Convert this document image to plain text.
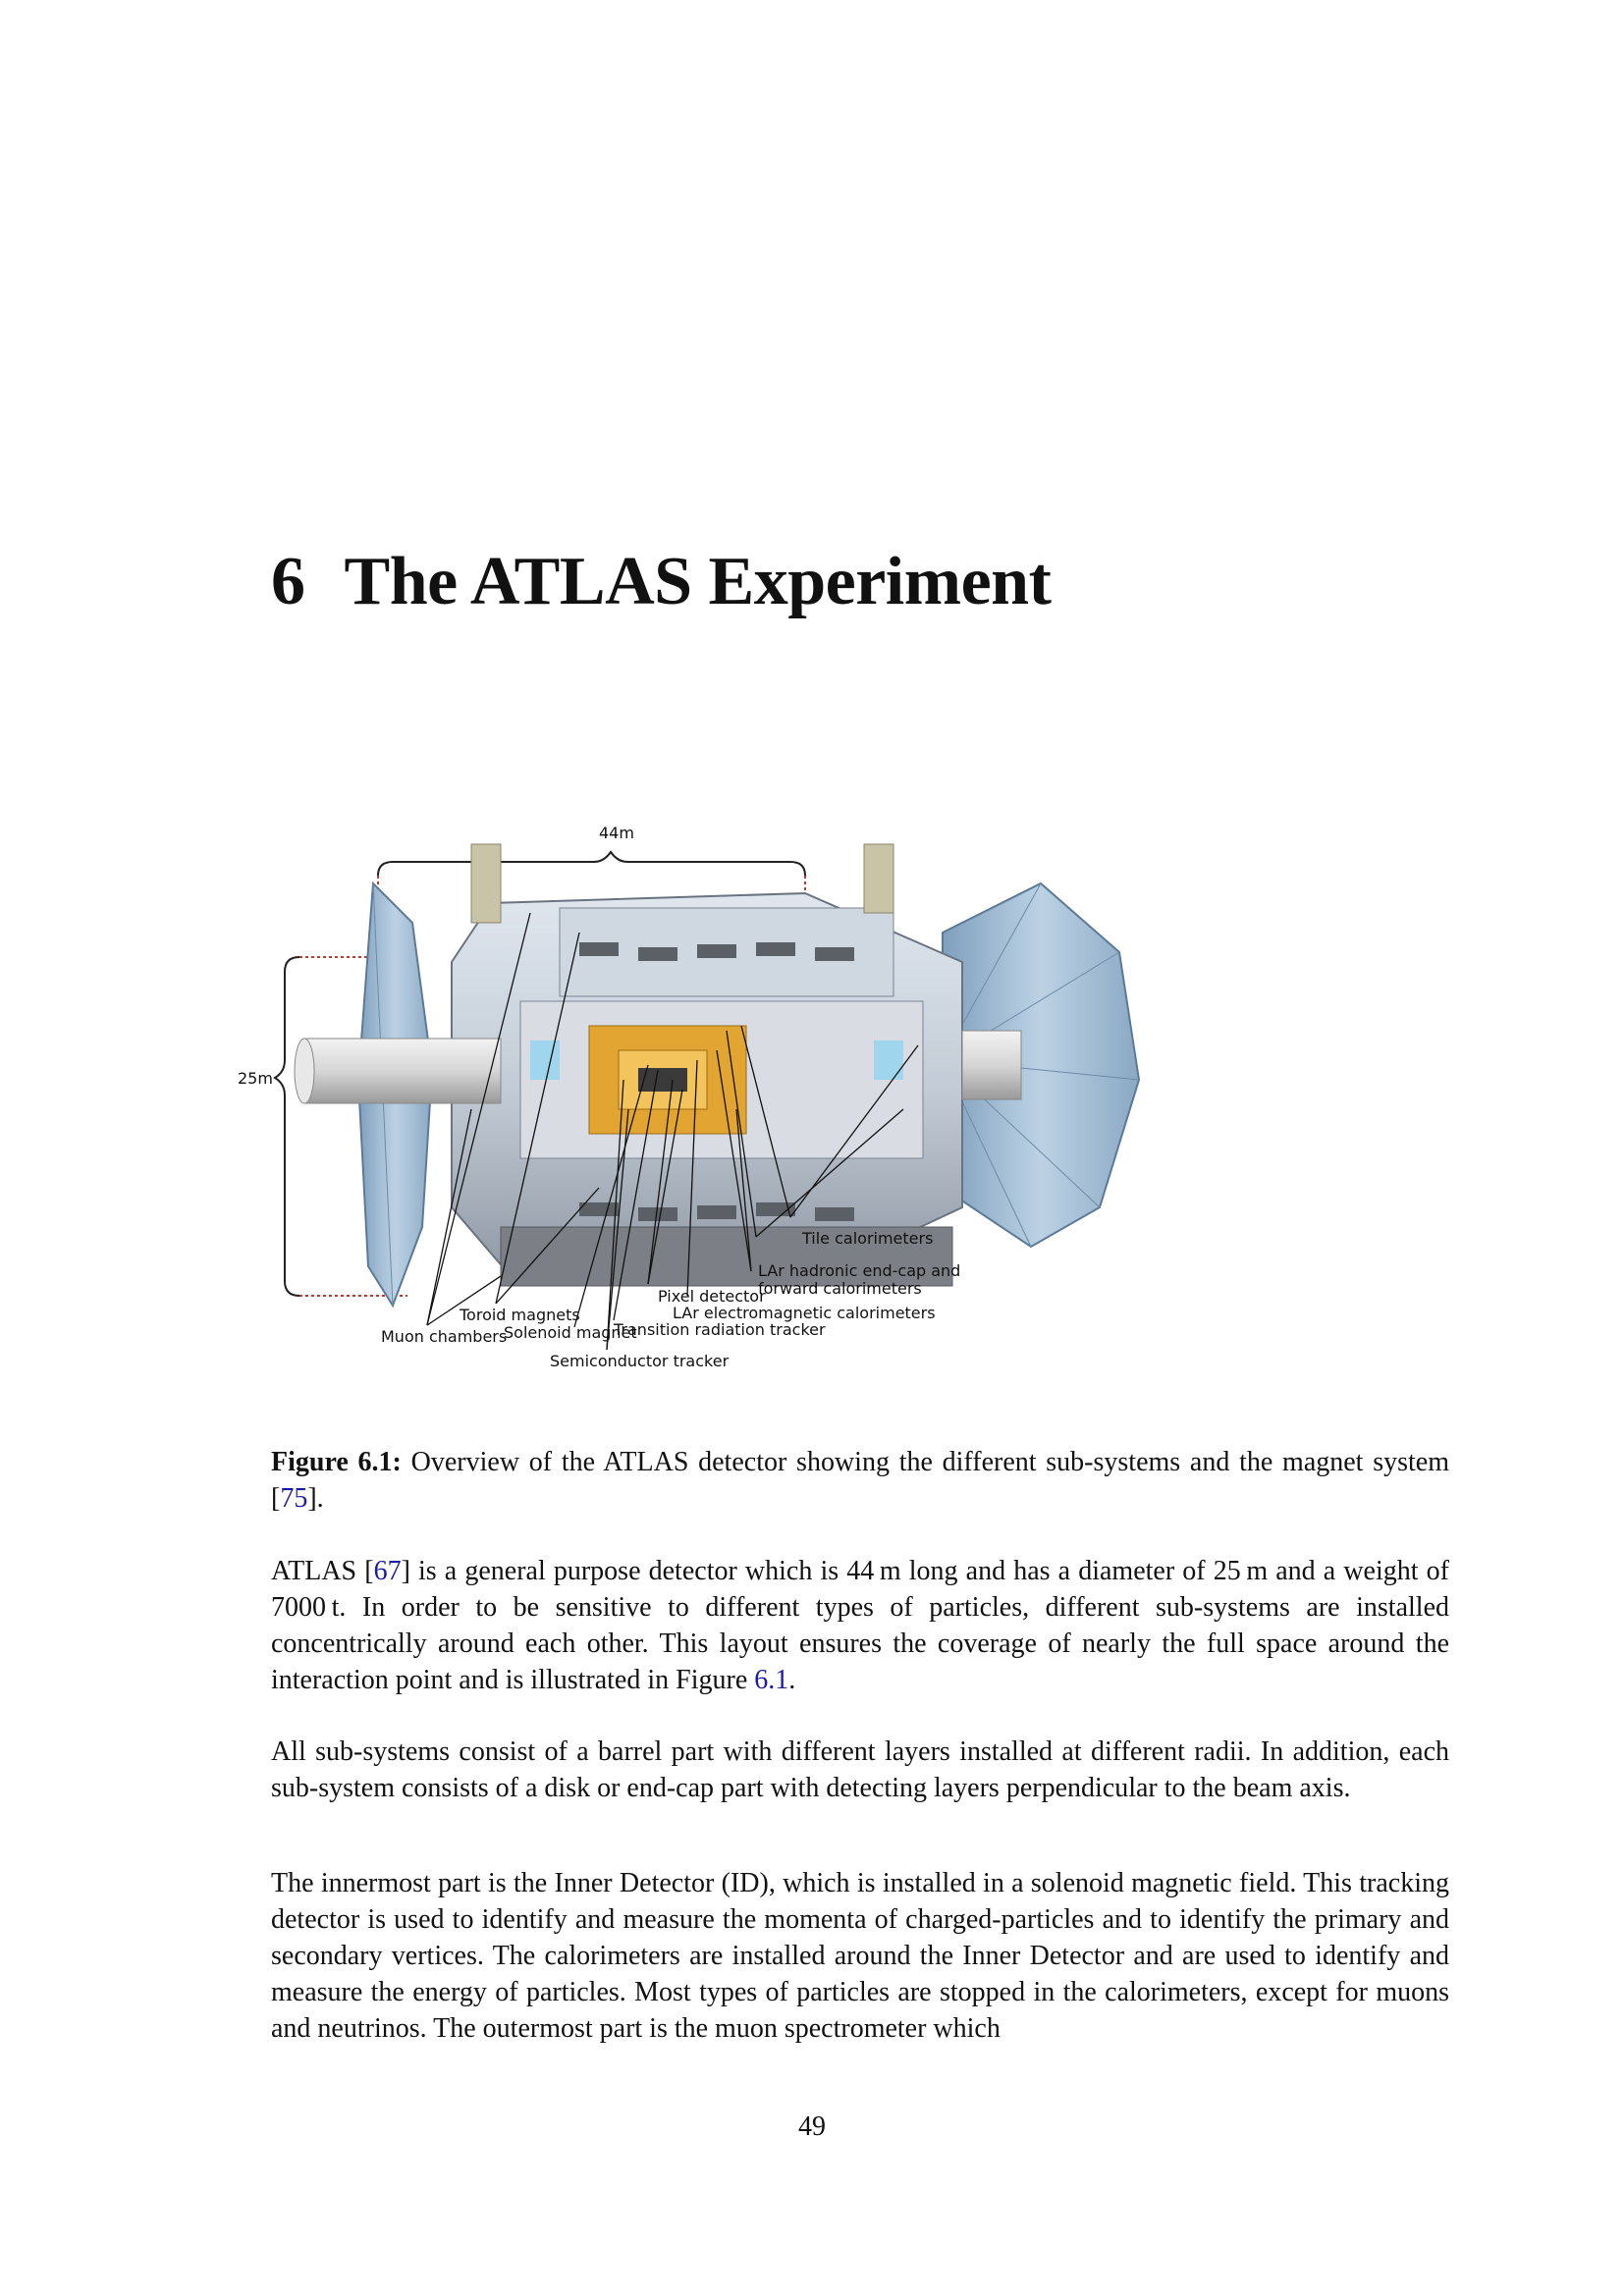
6 The ATLAS Experiment
44m
25m
Muon chambers
Toroid magnets
Solenoid magnet
Semiconductor tracker
Transition radiation tracker
Pixel detector
LAr electromagnetic calorimeters
LAr hadronic end-cap and
forward calorimeters
Tile calorimeters

Figure 6.1: Overview of the ATLAS detector showing the different sub-systems and the magnet system [75].

ATLAS [67] is a general purpose detector which is 44 m long and has a diameter of 25 m and a weight of 7000 t. In order to be sensitive to different types of particles, different sub-systems are installed concentrically around each other. This layout ensures the coverage of nearly the full space around the interaction point and is illustrated in Figure 6.1.

All sub-systems consist of a barrel part with different layers installed at different radii. In addition, each sub-system consists of a disk or end-cap part with detecting layers perpendicular to the beam axis.

The innermost part is the Inner Detector (ID), which is installed in a solenoid magnetic field. This tracking detector is used to identify and measure the momenta of charged-particles and to identify the primary and secondary vertices. The calorimeters are installed around the Inner Detector and are used to identify and measure the energy of particles. Most types of particles are stopped in the calorimeters, except for muons and neutrinos. The outermost part is the muon spectrometer which

49
